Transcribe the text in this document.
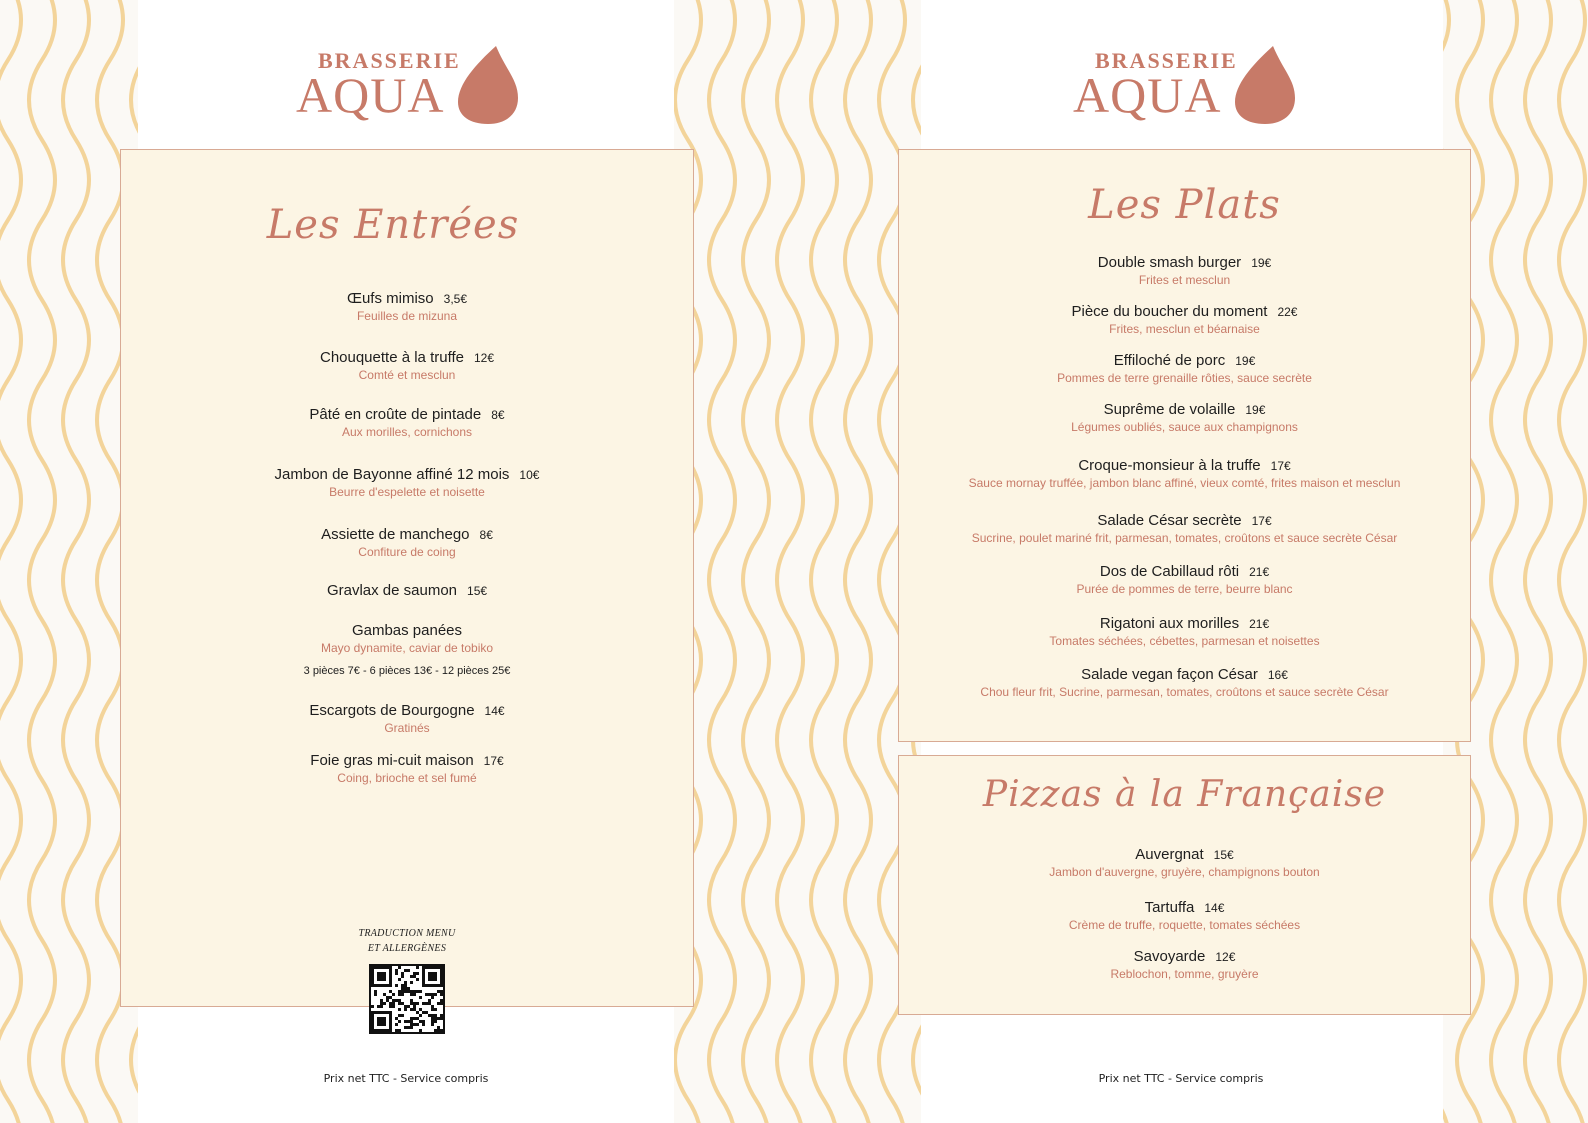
BRASSERIE
AQUA
BRASSERIE
AQUA
Les Entrées
Œufs mimiso 3,5€
Feuilles de mizuna
Chouquette à la truffe 12€
Comté et mesclun
Pâté en croûte de pintade 8€
Aux morilles, cornichons
Jambon de Bayonne affiné 12 mois 10€
Beurre d'espelette et noisette
Assiette de manchego 8€
Confiture de coing
Gravlax de saumon 15€
Gambas panées
Mayo dynamite, caviar de tobiko
3 pièces 7€ - 6 pièces 13€ - 12 pièces 25€
Escargots de Bourgogne 14€
Gratinés
Foie gras mi-cuit maison 17€
Coing, brioche et sel fumé
TRADUCTION MENU
ET ALLERGÈNES
Les Plats
Double smash burger 19€
Frites et mesclun
Pièce du boucher du moment 22€
Frites, mesclun et béarnaise
Effiloché de porc 19€
Pommes de terre grenaille rôties, sauce secrète
Suprême de volaille 19€
Légumes oubliés, sauce aux champignons
Croque-monsieur à la truffe 17€
Sauce mornay truffée, jambon blanc affiné, vieux comté, frites maison et mesclun
Salade César secrète 17€
Sucrine, poulet mariné frit, parmesan, tomates, croûtons et sauce secrète César
Dos de Cabillaud rôti 21€
Purée de pommes de terre, beurre blanc
Rigatoni aux morilles 21€
Tomates séchées, cébettes, parmesan et noisettes
Salade vegan façon César 16€
Chou fleur frit, Sucrine, parmesan, tomates, croûtons et sauce secrète César
Pizzas à la Française
Auvergnat 15€
Jambon d'auvergne, gruyère, champignons bouton
Tartuffa 14€
Crème de truffe, roquette, tomates séchées
Savoyarde 12€
Reblochon, tomme, gruyère
Prix net TTC - Service compris	Prix net TTC - Service compris
